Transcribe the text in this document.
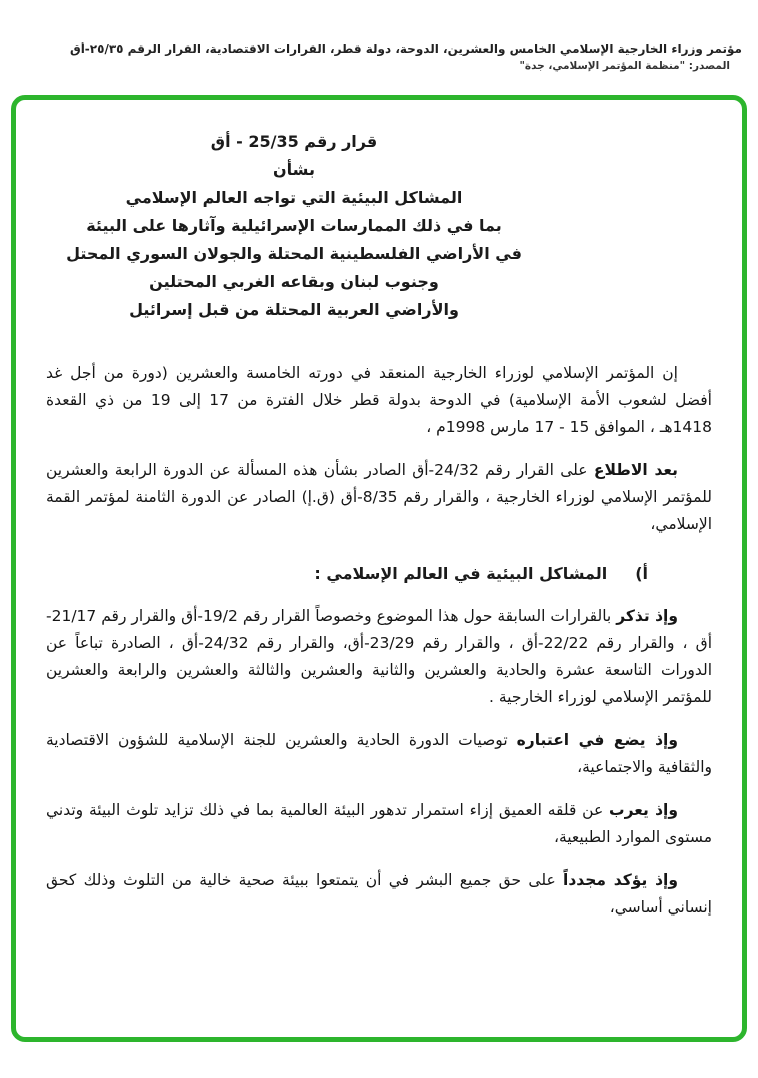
مؤتمر وزراء الخارجية الإسلامي الخامس والعشرين، الدوحة، دولة قطر، القرارات الاقتصادية، القرار الرقم ٢٥/٣٥-أق
المصدر: "منظمة المؤتمر الإسلامي، جدة"
قرار رقم 25/35 - أق
بشأن
المشاكل البيئية التي تواجه العالم الإسلامي
بما في ذلك الممارسات الإسرائيلية وآثارها على البيئة
في الأراضي الفلسطينية المحتلة والجولان السوري المحتل
وجنوب لبنان وبقاعه الغربي المحتلين
والأراضي العربية المحتلة من قبل إسرائيل

إن المؤتمر الإسلامي لوزراء الخارجية المنعقد في دورته الخامسة والعشرين (دورة من أجل غد أفضل لشعوب الأمة الإسلامية) في الدوحة بدولة قطر خلال الفترة من 17 إلى 19 من ذي القعدة 1418هـ ، الموافق 15 - 17 مارس 1998م ،

بعد الاطلاع على القرار رقم 24/32-أق الصادر بشأن هذه المسألة عن الدورة الرابعة والعشرين للمؤتمر الإسلامي لوزراء الخارجية ، والقرار رقم 8/35-أق (ق.إ) الصادر عن الدورة الثامنة لمؤتمر القمة الإسلامي،

أ)
المشاكل البيئية في العالم الإسلامي :

وإذ تذكر بالقرارات السابقة حول هذا الموضوع وخصوصاً القرار رقم 19/2-أق والقرار رقم 21/17-أق ، والقرار رقم 22/22-أق ، والقرار رقم 23/29-أق، والقرار رقم 24/32-أق ، الصادرة تباعاً عن الدورات التاسعة عشرة والحادية والعشرين والثانية والعشرين والثالثة والعشرين والرابعة والعشرين للمؤتمر الإسلامي لوزراء الخارجية .

وإذ يضع في اعتباره توصيات الدورة الحادية والعشرين للجنة الإسلامية للشؤون الاقتصادية والثقافية والاجتماعية،

وإذ يعرب عن قلقه العميق إزاء استمرار تدهور البيئة العالمية بما في ذلك تزايد تلوث البيئة وتدني مستوى الموارد الطبيعية،

وإذ يؤكد مجدداً على حق جميع البشر في أن يتمتعوا ببيئة صحية خالية من التلوث وذلك كحق إنساني أساسي،
